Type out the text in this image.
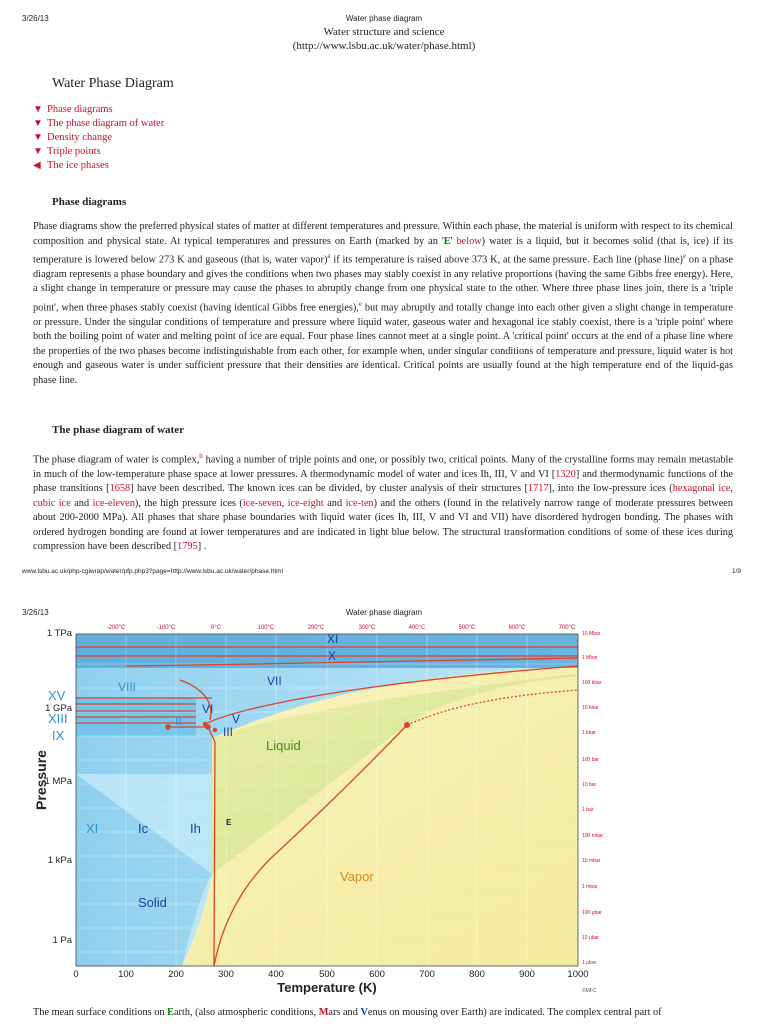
3/26/13	Water phase diagram
Water structure and science
(http://www.lsbu.ac.uk/water/phase.html)
Water Phase Diagram
▼ Phase diagrams
▼ The phase diagram of water
▼ Density change
▼ Triple points
◀ The ice phases
Phase diagrams
Phase diagrams show the preferred physical states of matter at different temperatures and pressure. Within each phase, the material is uniform with respect to its chemical composition and physical state. At typical temperatures and pressures on Earth (marked by an 'E' below) water is a liquid, but it becomes solid (that is, ice) if its temperature is lowered below 273 K and gaseous (that is, water vapor)$^a$ if its temperature is raised above 373 K, at the same pressure. Each line (phase line)$^e$ on a phase diagram represents a phase boundary and gives the conditions when two phases may stably coexist in any relative proportions (having the same Gibbs free energy). Here, a slight change in temperature or pressure may cause the phases to abruptly change from one physical state to the other. Where three phase lines join, there is a 'triple point', when three phases stably coexist (having identical Gibbs free energies),$^e$ but may abruptly and totally change into each other given a slight change in temperature or pressure. Under the singular conditions of temperature and pressure where liquid water, gaseous water and hexagonal ice stably coexist, there is a 'triple point' where both the boiling point of water and melting point of ice are equal. Four phase lines cannot meet at a single point. A 'critical point' occurs at the end of a phase line where the properties of the two phases become indistinguishable from each other, for example when, under singular conditions of temperature and pressure, liquid water is hot enough and gaseous water is under sufficient pressure that their densities are identical. Critical points are usually found at the high temperature end of the liquid-gas phase line.
The phase diagram of water
The phase diagram of water is complex,$^b$ having a number of triple points and one, or possibly two, critical points. Many of the crystalline forms may remain metastable in much of the low-temperature phase space at lower pressures. A thermodynamic model of water and ices Ih, III, V and VI [1320] and thermodynamic functions of the phase transitions [1658] have been described. The known ices can be divided, by cluster analysis of their structures [1717], into the low-pressure ices (hexagonal ice, cubic ice and ice-eleven), the high pressure ices (ice-seven, ice-eight and ice-ten) and the others (found in the relatively narrow range of moderate pressures between about 200-2000 MPa). All phases that share phase boundaries with liquid water (ices Ih, III, V and VI and VII) have disordered hydrogen bonding. The phases with ordered hydrogen bonding are found at lower temperatures and are indicated in light blue below. The structural transformation conditions of some of these ices during compression have been described [1795] .
www.lsbu.ac.uk/php-cgiwrap/water/pfp.php3?page=http://www.lsbu.ac.uk/water/phase.html	1/9
3/26/13	Water phase diagram
XI
X
VII
VIII
VI
V
II
III
XV
XIII
IX
XI	Ic	Ih	E
Liquid
Vapor
Solid
0	100	200	300	400	500	600	700	800	900	1000
Temperature (K)	©MFC
1 TPa
1 GPa
1 MPa
1 kPa
1 Pa
Pressure
10 Mbar
1 Mbar
100 kbar
10 kbar
1 kbar
100 bar
10 bar
1 bar
100 mbar
10 mbar
1 mbar
100 μbar
10 μbar
1 μbar
-200°C	-100°C	0°C	100°C	200°C	300°C	400°C	500°C	600°C	700°C
The mean surface conditions on Earth, (also atmospheric conditions, Mars and Venus on mousing over Earth) are indicated. The complex central part of
